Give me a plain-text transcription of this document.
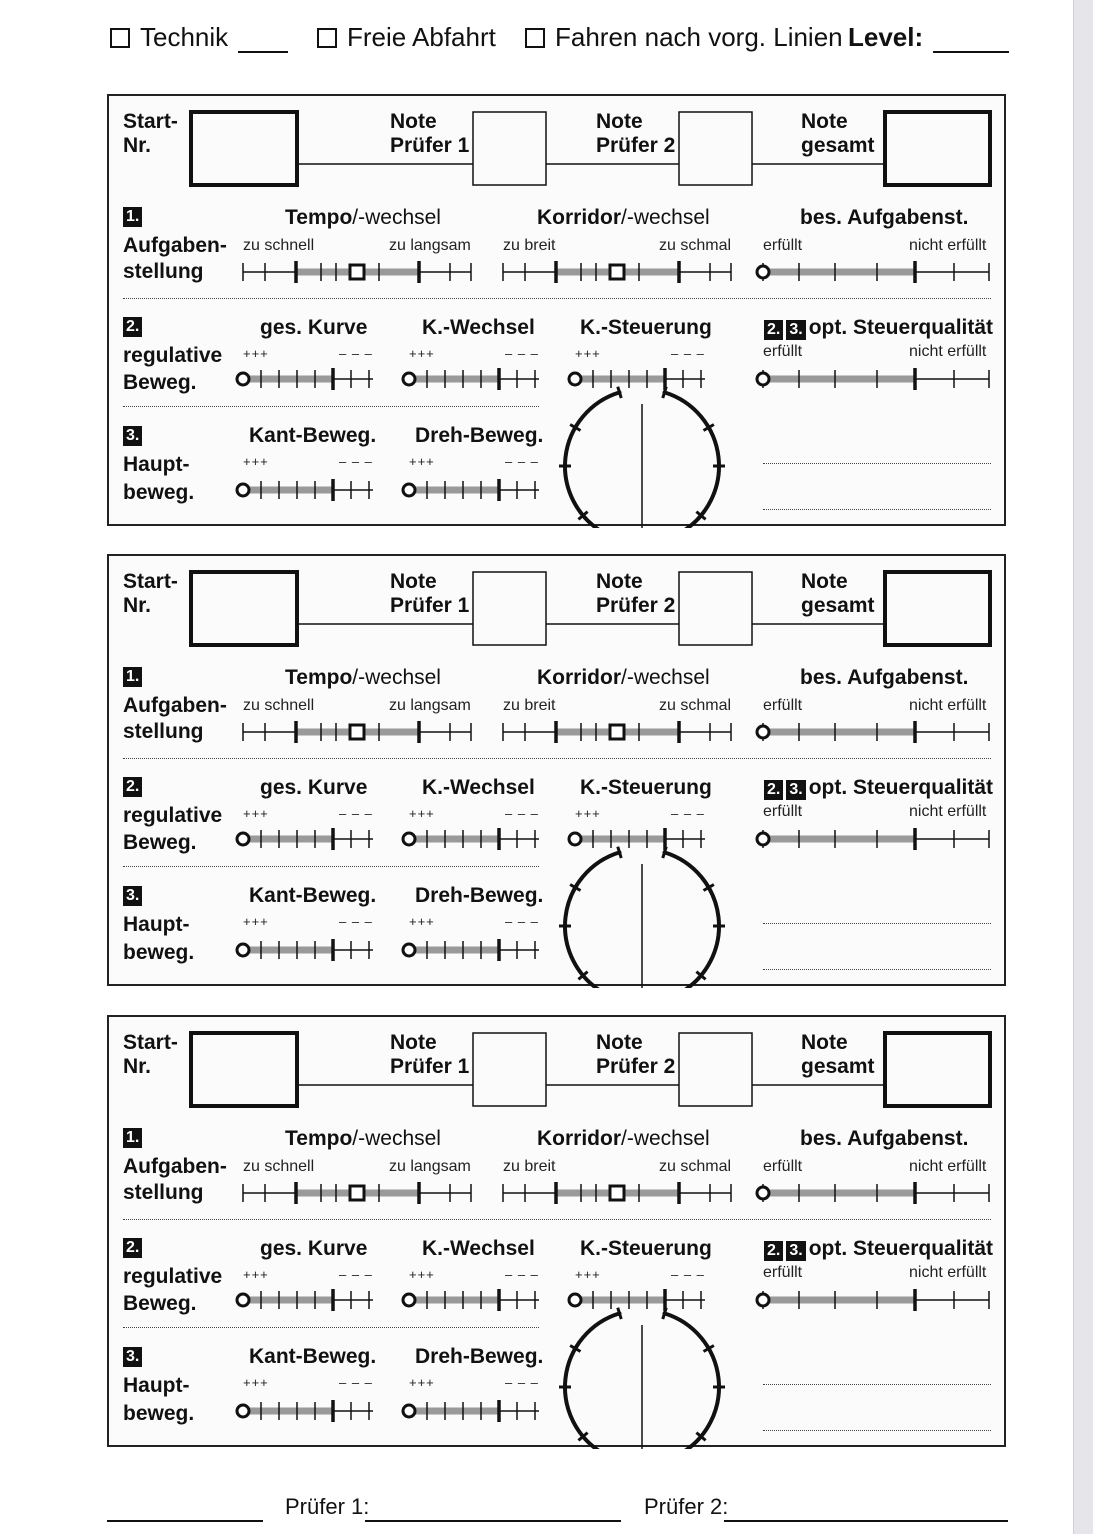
Technik	Freie Abfahrt Fahren nach vorg. Linien Level:
Start-
Nr.
Note
Prüfer 1
Note
Prüfer 2
Note
gesamt
1.
Aufgaben-
stellung
Tempo/-wechsel
zu schnell	zu langsam
Korridor/-wechsel
zu breit	zu schmal
bes. Aufgabenst.
erfüllt	nicht erfüllt
2.
regulative
Beweg.
ges. Kurve
+++	– – –
K.-Wechsel
+++	– – –
K.-Steuerung
+++	– – –
2. 3. opt. Steuerqualität
erfüllt	nicht erfüllt
3.
Haupt-
beweg.
Kant-Beweg.
+++	– – –
Dreh-Beweg.
+++	– – –
Start-
Nr.
Note
Prüfer 1
Note
Prüfer 2
Note
gesamt
1.
Aufgaben-
stellung
Tempo/-wechsel
zu schnell	zu langsam
Korridor/-wechsel
zu breit	zu schmal
bes. Aufgabenst.
erfüllt	nicht erfüllt
2.
regulative
Beweg.
ges. Kurve
+++	– – –
K.-Wechsel
+++	– – –
K.-Steuerung
+++	– – –
2. 3. opt. Steuerqualität
erfüllt	nicht erfüllt
3.
Haupt-
beweg.
Kant-Beweg.
+++	– – –
Dreh-Beweg.
+++	– – –
Start-
Nr.
Note
Prüfer 1
Note
Prüfer 2
Note
gesamt
1.
Aufgaben-
stellung
Tempo/-wechsel
zu schnell	zu langsam
Korridor/-wechsel
zu breit	zu schmal
bes. Aufgabenst.
erfüllt	nicht erfüllt
2.
regulative
Beweg.
ges. Kurve
+++	– – –
K.-Wechsel
+++	– – –
K.-Steuerung
+++	– – –
2. 3. opt. Steuerqualität
erfüllt	nicht erfüllt
3.
Haupt-
beweg.
Kant-Beweg.
+++	– – –
Dreh-Beweg.
+++	– – –
Prüfer 1:	Prüfer 2:
